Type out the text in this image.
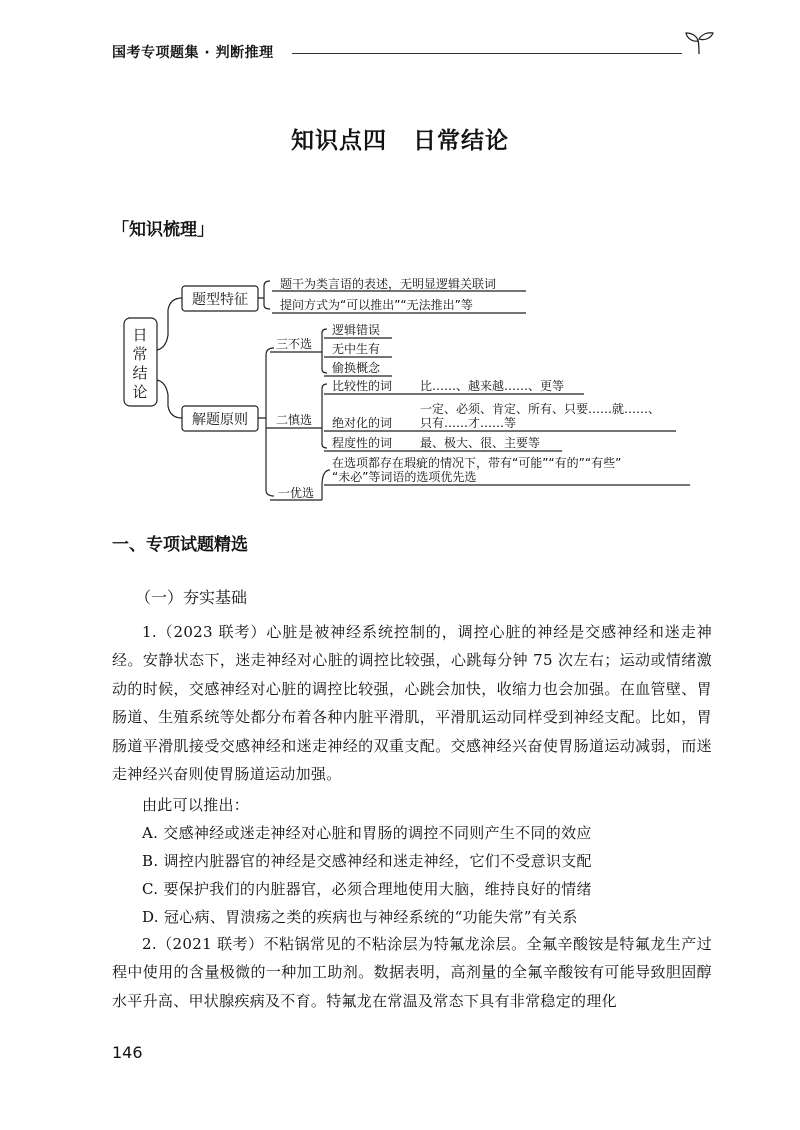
国考专项题集 · 判断推理
知识点四 日常结论
「知识梳理」
日常结论
题型特征
题干为类言语的表述，无明显逻辑关联词
提问方式为“可以推出”“无法推出”等
解题原则
三不选
逻辑错误
无中生有
偷换概念
二慎选
比较性的词 比……、越来越……、更等
绝对化的词
一定、必须、肯定、所有、只要……就……、
只有……才……等
程度性的词 最、极大、很、主要等
一优选
在选项都存在瑕疵的情况下，带有“可能”“有的”“有些”
“未必”等词语的选项优先选
一、专项试题精选
（一）夯实基础
1.（2023 联考）心脏是被神经系统控制的，调控心脏的神经是交感神经和迷走神经。安静状态下，迷走神经对心脏的调控比较强，心跳每分钟 75 次左右；运动或情绪激动的时候，交感神经对心脏的调控比较强，心跳会加快，收缩力也会加强。在血管壁、胃肠道、生殖系统等处都分布着各种内脏平滑肌，平滑肌运动同样受到神经支配。比如，胃肠道平滑肌接受交感神经和迷走神经的双重支配。交感神经兴奋使胃肠道运动减弱，而迷走神经兴奋则使胃肠道运动加强。
由此可以推出：
A. 交感神经或迷走神经对心脏和胃肠的调控不同则产生不同的效应
B. 调控内脏器官的神经是交感神经和迷走神经，它们不受意识支配
C. 要保护我们的内脏器官，必须合理地使用大脑，维持良好的情绪
D. 冠心病、胃溃疡之类的疾病也与神经系统的“功能失常”有关系
2.（2021 联考）不粘锅常见的不粘涂层为特氟龙涂层。全氟辛酸铵是特氟龙生产过程中使用的含量极微的一种加工助剂。数据表明，高剂量的全氟辛酸铵有可能导致胆固醇水平升高、甲状腺疾病及不育。特氟龙在常温及常态下具有非常稳定的理化
146
